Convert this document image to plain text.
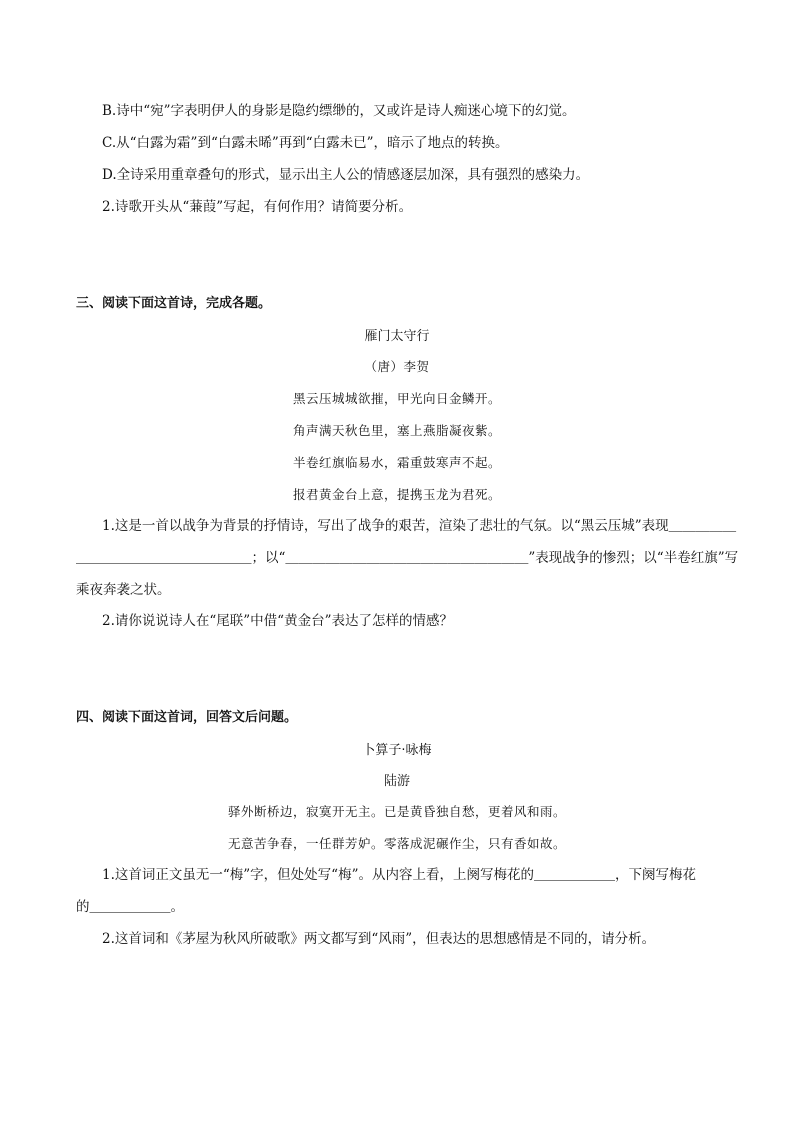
B.诗中“宛”字表明伊人的身影是隐约缥缈的，又或许是诗人痴迷心境下的幻觉。
C.从“白露为霜”到“白露未晞”再到“白露未已”，暗示了地点的转换。
D.全诗采用重章叠句的形式，显示出主人公的情感逐层加深，具有强烈的感染力。
2.诗歌开头从“蒹葭”写起，有何作用？请简要分析。
三、阅读下面这首诗，完成各题。
雁门太守行
（唐）李贺
黑云压城城欲摧，甲光向日金鳞开。
角声满天秋色里，塞上燕脂凝夜紫。
半卷红旗临易水，霜重鼓寒声不起。
报君黄金台上意，提携玉龙为君死。
1.这是一首以战争为背景的抒情诗，写出了战争的艰苦，渲染了悲壮的气氛。以“黑云压城”表现＿＿＿＿＿
＿＿＿＿＿＿＿＿＿＿＿＿＿；以“＿＿＿＿＿＿＿＿＿＿＿＿＿＿＿＿＿＿”表现战争的惨烈；以“半卷红旗”写
乘夜奔袭之状。
2.请你说说诗人在“尾联”中借“黄金台”表达了怎样的情感？
四、阅读下面这首词，回答文后问题。
卜算子·咏梅
陆游
驿外断桥边，寂寞开无主。已是黄昏独自愁，更着风和雨。
无意苦争春，一任群芳妒。零落成泥碾作尘，只有香如故。
1.这首词正文虽无一“梅”字，但处处写“梅”。从内容上看，上阕写梅花的＿＿＿＿＿＿，下阕写梅花
的＿＿＿＿＿＿。
2.这首词和《茅屋为秋风所破歌》两文都写到“风雨”，但表达的思想感情是不同的，请分析。
